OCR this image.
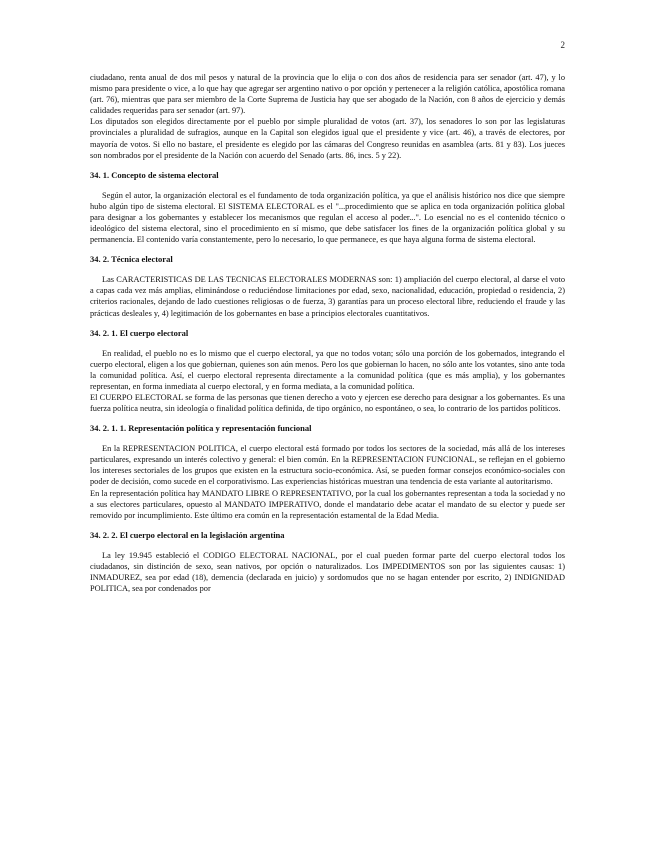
2

ciudadano, renta anual de dos mil pesos y natural de la provincia que lo elija o con dos años de residencia para ser senador (art. 47), y lo mismo para presidente o vice, a lo que hay que agregar ser argentino nativo o por opción y pertenecer a la religión católica, apostólica romana (art. 76), mientras que para ser miembro de la Corte Suprema de Justicia hay que ser abogado de la Nación, con 8 años de ejercicio y demás calidades requeridas para ser senador (art. 97).

Los diputados son elegidos directamente por el pueblo por simple pluralidad de votos (art. 37), los senadores lo son por las legislaturas provinciales a pluralidad de sufragios, aunque en la Capital son elegidos igual que el presidente y vice (art. 46), a través de electores, por mayoría de votos. Si ello no bastare, el presidente es elegido por las cámaras del Congreso reunidas en asamblea (arts. 81 y 83). Los jueces son nombrados por el presidente de la Nación con acuerdo del Senado (arts. 86, incs. 5 y 22).

34. 1. Concepto de sistema electoral

Según el autor, la organización electoral es el fundamento de toda organización política, ya que el análisis histórico nos dice que siempre hubo algún tipo de sistema electoral. El SISTEMA ELECTORAL es el "...procedimiento que se aplica en toda organización política global para designar a los gobernantes y establecer los mecanismos que regulan el acceso al poder...". Lo esencial no es el contenido técnico o ideológico del sistema electoral, sino el procedimiento en sí mismo, que debe satisfacer los fines de la organización política global y su permanencia. El contenido varía constantemente, pero lo necesario, lo que permanece, es que haya alguna forma de sistema electoral.

34. 2. Técnica electoral

Las CARACTERISTICAS DE LAS TECNICAS ELECTORALES MODERNAS son: 1) ampliación del cuerpo electoral, al darse el voto a capas cada vez más amplias, eliminándose o reduciéndose limitaciones por edad, sexo, nacionalidad, educación, propiedad o residencia, 2) criterios racionales, dejando de lado cuestiones religiosas o de fuerza, 3) garantías para un proceso electoral libre, reduciendo el fraude y las prácticas desleales y, 4) legitimación de los gobernantes en base a principios electorales cuantitativos.

34. 2. 1. El cuerpo electoral

En realidad, el pueblo no es lo mismo que el cuerpo electoral, ya que no todos votan; sólo una porción de los gobernados, integrando el cuerpo electoral, eligen a los que gobiernan, quienes son aún menos. Pero los que gobiernan lo hacen, no sólo ante los votantes, sino ante toda la comunidad política. Así, el cuerpo electoral representa directamente a la comunidad política (que es más amplia), y los gobernantes representan, en forma inmediata al cuerpo electoral, y en forma mediata, a la comunidad política.

El CUERPO ELECTORAL se forma de las personas que tienen derecho a voto y ejercen ese derecho para designar a los gobernantes. Es una fuerza política neutra, sin ideología o finalidad política definida, de tipo orgánico, no espontáneo, o sea, lo contrario de los partidos políticos.

34. 2. 1. 1. Representación política y representación funcional

En la REPRESENTACION POLITICA, el cuerpo electoral está formado por todos los sectores de la sociedad, más allá de los intereses particulares, expresando un interés colectivo y general: el bien común. En la REPRESENTACION FUNCIONAL, se reflejan en el gobierno los intereses sectoriales de los grupos que existen en la estructura socio-económica. Así, se pueden formar consejos económico-sociales con poder de decisión, como sucede en el corporativismo. Las experiencias históricas muestran una tendencia de esta variante al autoritarismo.

En la representación política hay MANDATO LIBRE O REPRESENTATIVO, por la cual los gobernantes representan a toda la sociedad y no a sus electores particulares, opuesto al MANDATO IMPERATIVO, donde el mandatario debe acatar el mandato de su elector y puede ser removido por incumplimiento. Este último era común en la representación estamental de la Edad Media.

34. 2. 2. El cuerpo electoral en la legislación argentina

La ley 19.945 estableció el CODIGO ELECTORAL NACIONAL, por el cual pueden formar parte del cuerpo electoral todos los ciudadanos, sin distinción de sexo, sean nativos, por opción o naturalizados. Los IMPEDIMENTOS son por las siguientes causas: 1) INMADUREZ, sea por edad (18), demencia (declarada en juicio) y sordomudos que no se hagan entender por escrito, 2) INDIGNIDAD POLITICA, sea por condenados por
